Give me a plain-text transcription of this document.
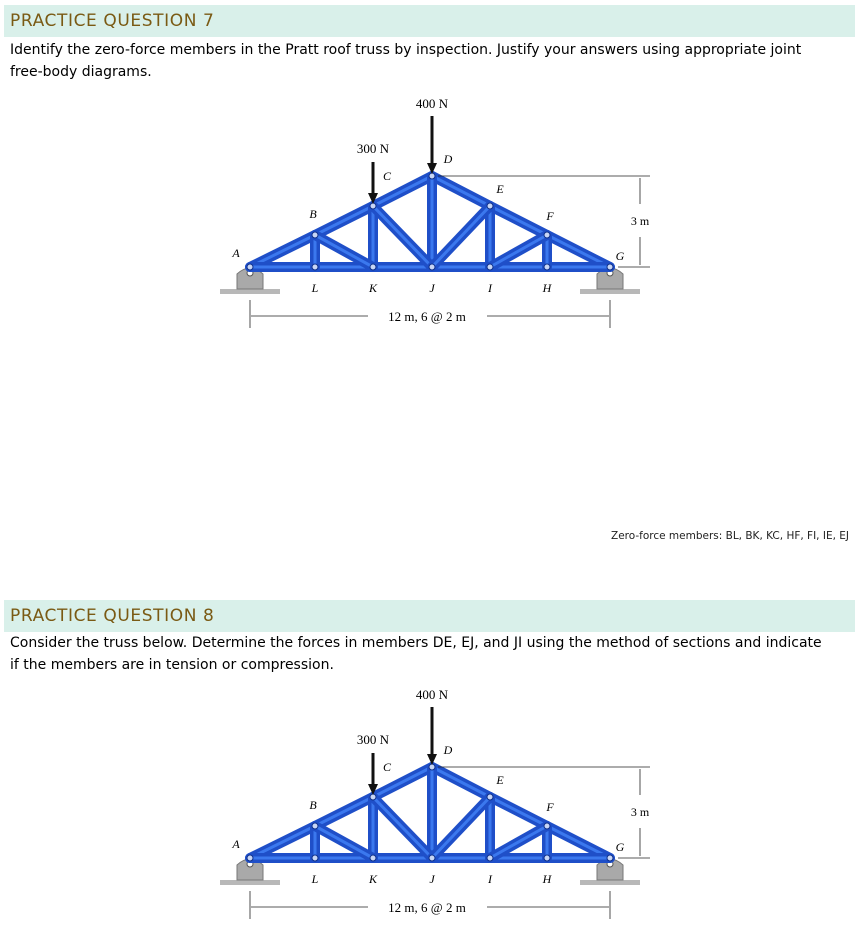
PRACTICE QUESTION 7
Identify the zero-force members in the Pratt roof truss by inspection. Justify your answers using appropriate joint free-body diagrams.
400 N
300 N
3 m
12 m, 6 @ 2 m
A
B
C
D
E
F
G
L	K	J	I	H
Zero-force members: BL, BK, KC, HF, FI, IE, EJ
PRACTICE QUESTION 8
Consider the truss below. Determine the forces in members DE, EJ, and JI using the method of sections and indicate if the members are in tension or compression.
400 N
300 N
3 m
12 m, 6 @ 2 m
A
B
C
D
E
F
G
L	K	J	I	H
